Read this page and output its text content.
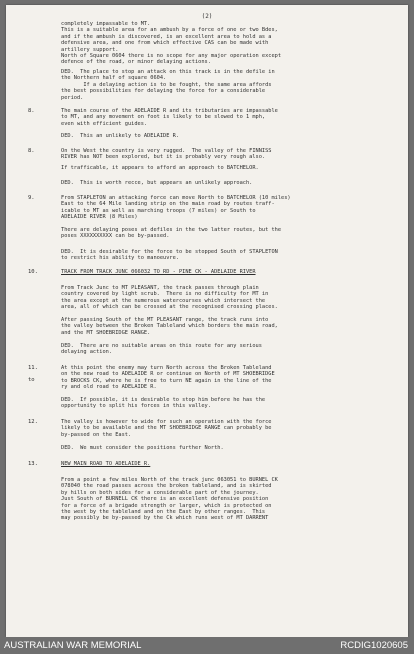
(2)
completely impassable to MT.
This is a suitable area for an ambush by a force of one or two Bdes,
and if the ambush is discovered, is an excellent area to hold as a
defensive area, and one from which effective CAS can be made with
artillery support.
North of Square 0604 there is no scope for any major operation except
defence of the road, or minor delaying actions.
DED.  The place to stop an attack on this track is in the defile in
the Northern half of square 0604.
If a delaying action is to be fought, the same area affords
the best possibilities for delaying the force for a considerable
period.
The main course of the ADELAIDE R and its tributaries are impassable
to MT, and any movement on foot is likely to be slowed to 1 mph,
even with efficient guides.
DED.  This an unlikely to ADELAIDE R.
On the West the country is very rugged.  The valley of the FINNISS
RIVER has NOT been explored, but it is probably very rough also.
If trafficable, it appears to afford an approach to BATCHELOR.
DED.  This is worth recce, but appears an unlikely approach.
From STAPLETON an attacking force can move North to BATCHELOR (10 miles)
East to the 64 Mile landing strip on the main road by routes traff-
icable to MT as well as marching troops (7 miles) or South to
ADELAIDE RIVER (8 Miles)
There are delaying poses at defiles in the two latter routes, but the
poses XXXXXXXXXX can be by-passed.
DED.  It is desirable for the force to be stopped South of STAPLETON
to restrict his ability to manoeuvre.
TRACK FROM TRACK JUNC 066032 TO RD - PINE CK - ADELAIDE RIVER
From Track Junc to MT PLEASANT, the track passes through plain
country covered by light scrub.  There is no difficulty for MT in
the area except at the numerous watercourses which intersect the
area, all of which can be crossed at the recognised crossing places.
After passing South of the MT PLEASANT range, the track runs into
the valley between the Broken Tableland which borders the main road,
and the MT SHOEBRIDGE RANGE.
DED.  There are no suitable areas on this route for any serious
delaying action.
At this point the enemy may turn North across the Broken Tableland
on the new road to ADELAIDE R or continue on North of MT SHOEBRIDGE
to BROCKS CK, where he is free to turn NE again in the line of the
ry and old road to ADELAIDE R.
DED.  If possible, it is desirable to stop him before he has the
opportunity to split his forces in this valley.
The valley is however to wide for such an operation with the force
likely to be available and the MT SHOEBRIDGE RANGE can probably be
by-passed on the East.
DED.  We must consider the positions further North.
NEW MAIN ROAD TO ADELAIDE R.
From a point a few miles North of the track junc 063051 to BURNEL CK
078040 the road passes across the broken tableland, and is skirted
by hills on both sides for a considerable part of the journey.
Just South of BURNELL CK there is an excellent defensive position
for a force of a brigade strength or larger, which is protected on
the west by the tableland and on the East by other ranges.  This
may possibly be by-passed by the Ck which runs west of MT DARRENT
8.
8.
9.
10.
11.
to
12.
13.
AUSTRALIAN WAR MEMORIAL	RCDIG1020605
